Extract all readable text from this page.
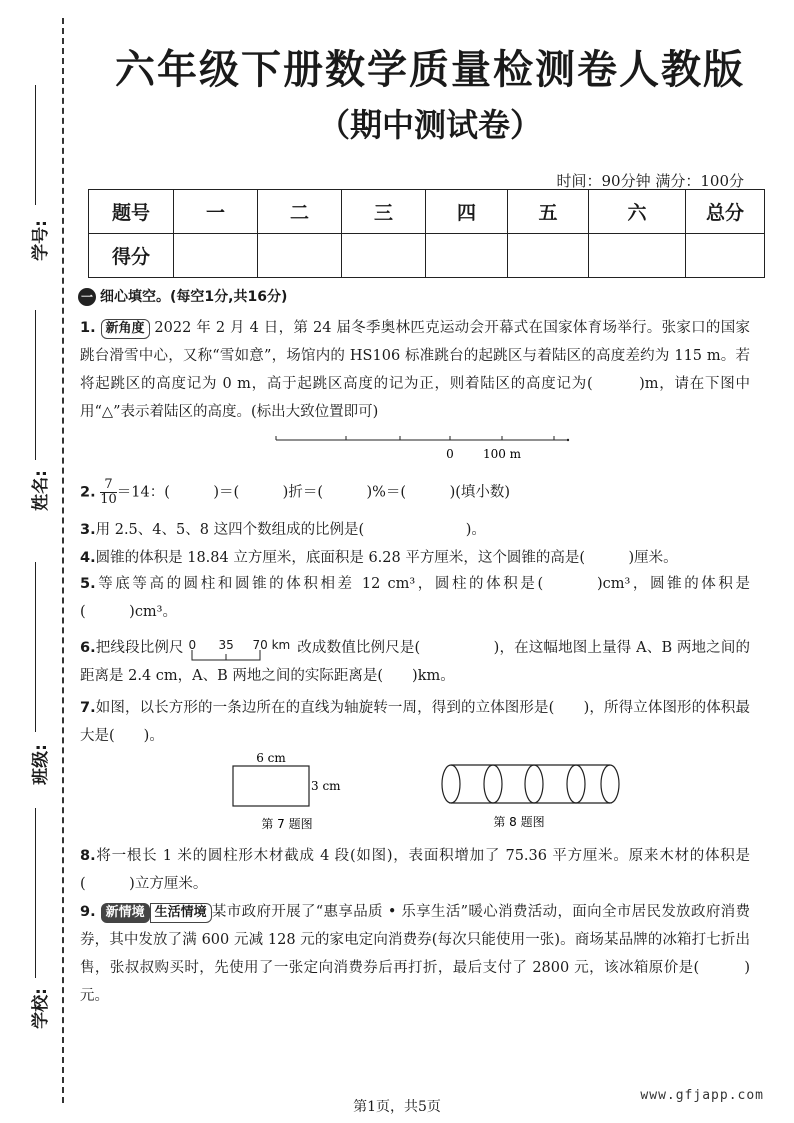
学号:
姓名:
班级:
学校:
六年级下册数学质量检测卷人教版
（期中测试卷）
时间：90分钟 满分：100分
题号	一	二	三	四	五	六	总分
得分							
一 细心填空。(每空1分,共16分)
1. 新角度 2022 年 2 月 4 日，第 24 届冬季奥林匹克运动会开幕式在国家体育场举行。张家口的国家跳台滑雪中心，又称“雪如意”，场馆内的 HS106 标准跳台的起跳区与着陆区的高度差约为 115 m。若将起跳区的高度记为 0 m，高于起跳区高度的记为正，则着陆区的高度记为(　　　)m，请在下图中用“△”表示着陆区的高度。(标出大致位置即可)
0 100 m
2. $\frac{7}{10} =14$：(　　　)＝(　　　)折＝(　　　)%＝(　　　)(填小数)
3.用 2.5、4、5、8 这四个数组成的比例是(　　　　　　　)。
4.圆锥的体积是 18.84 立方厘米，底面积是 6.28 平方厘米，这个圆锥的高是(　　　)厘米。
5.等底等高的圆柱和圆锥的体积相差 12 cm³，圆柱的体积是(　　　)cm³，圆锥的体积是(　　　)cm³。
6.把线段比例尺 0 35 70 km 改成数值比例尺是(　　　　　)，在这幅地图上量得 A、B 两地之间的距离是 2.4 cm，A、B 两地之间的实际距离是(　　)km。
7.如图，以长方形的一条边所在的直线为轴旋转一周，得到的立体图形是(　　)，所得立体图形的体积最大是(　　)。
6 cm
3 cm
第 7 题图	第 8 题图
8.将一根长 1 米的圆柱形木材截成 4 段(如图)，表面积增加了 75.36 平方厘米。原来木材的体积是(　　　)立方厘米。
9. 新情境 生活情境 某市政府开展了“惠享品质 • 乐享生活”暖心消费活动，面向全市居民发放政府消费券，其中发放了满 600 元减 128 元的家电定向消费券(每次只能使用一张)。商场某品牌的冰箱打七折出售，张叔叔购买时，先使用了一张定向消费券后再打折，最后支付了 2800 元，该冰箱原价是(　　　)元。
第1页，共5页
www.gfjapp.com
